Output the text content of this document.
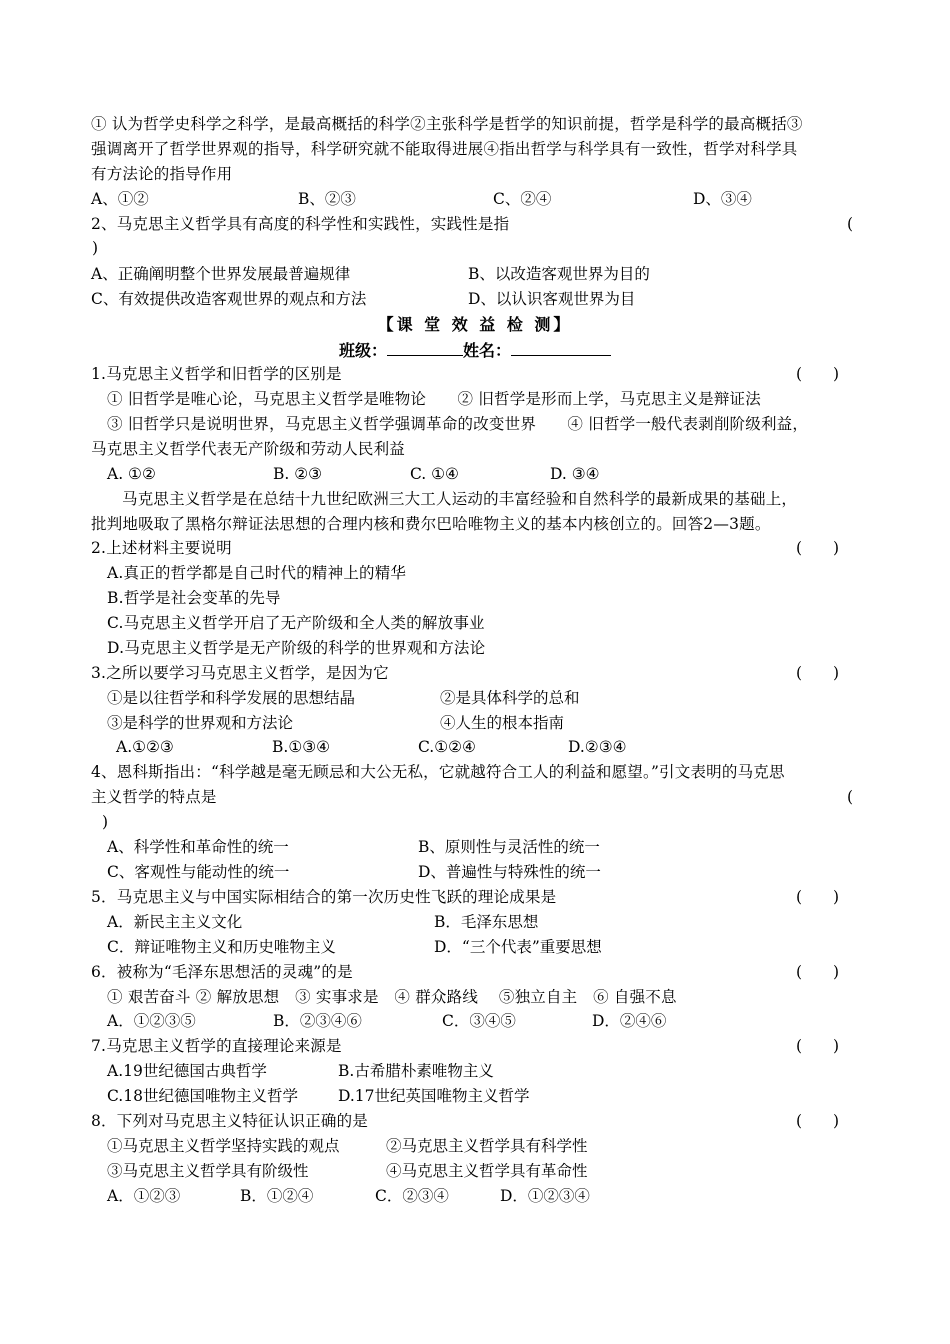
① 认为哲学史科学之科学，是最高概括的科学②主张科学是哲学的知识前提，哲学是科学的最高概括③
强调离开了哲学世界观的指导，科学研究就不能取得进展④指出哲学与科学具有一致性，哲学对科学具
有方法论的指导作用
A、①②	B、②③	C、②④	D、③④
2、马克思主义哲学具有高度的科学性和实践性，实践性是指	(
)
A、正确阐明整个世界发展最普遍规律	B、以改造客观世界为目的
C、有效提供改造客观世界的观点和方法	D、以认识客观世界为目
【课 堂 效 益 检 测】
班级：	姓名：
1.马克思主义哲学和旧哲学的区别是	(　　)
① 旧哲学是唯心论，马克思主义哲学是唯物论　　② 旧哲学是形而上学，马克思主义是辩证法
③ 旧哲学只是说明世界，马克思主义哲学强调革命的改变世界　　④ 旧哲学一般代表剥削阶级利益，
马克思主义哲学代表无产阶级和劳动人民利益
A. ①②	B. ②③	C. ①④	D. ③④
马克思主义哲学是在总结十九世纪欧洲三大工人运动的丰富经验和自然科学的最新成果的基础上，
批判地吸取了黑格尔辩证法思想的合理内核和费尔巴哈唯物主义的基本内核创立的。回答2—3题。
2.上述材料主要说明	(　　)
A.真正的哲学都是自己时代的精神上的精华
B.哲学是社会变革的先导
C.马克思主义哲学开启了无产阶级和全人类的解放事业
D.马克思主义哲学是无产阶级的科学的世界观和方法论
3.之所以要学习马克思主义哲学，是因为它	(　　)
①是以往哲学和科学发展的思想结晶	②是具体科学的总和
③是科学的世界观和方法论	④人生的根本指南
A.①②③	B.①③④	C.①②④	D.②③④
4、恩科斯指出：“科学越是毫无顾忌和大公无私，它就越符合工人的利益和愿望。”引文表明的马克思
主义哲学的特点是	(
)
A、科学性和革命性的统一	B、原则性与灵活性的统一
C、客观性与能动性的统一	D、普遍性与特殊性的统一
5．马克思主义与中国实际相结合的第一次历史性飞跃的理论成果是	(　　)
A．新民主主义文化	B．毛泽东思想
C．辩证唯物主义和历史唯物主义	D．“三个代表”重要思想
6．被称为“毛泽东思想活的灵魂”的是	(　　)
① 艰苦奋斗 ② 解放思想　③ 实事求是　④ 群众路线　 ⑤独立自主　⑥ 自强不息
A．①②③⑤	B．②③④⑥	C．③④⑤	D．②④⑥
7.马克思主义哲学的直接理论来源是	(　　)
A.19世纪德国古典哲学	B.古希腊朴素唯物主义
C.18世纪德国唯物主义哲学	D.17世纪英国唯物主义哲学
8．下列对马克思主义特征认识正确的是	(　　)
①马克思主义哲学坚持实践的观点	②马克思主义哲学具有科学性
③马克思主义哲学具有阶级性	④马克思主义哲学具有革命性
A．①②③	B．①②④	C．②③④	D．①②③④
